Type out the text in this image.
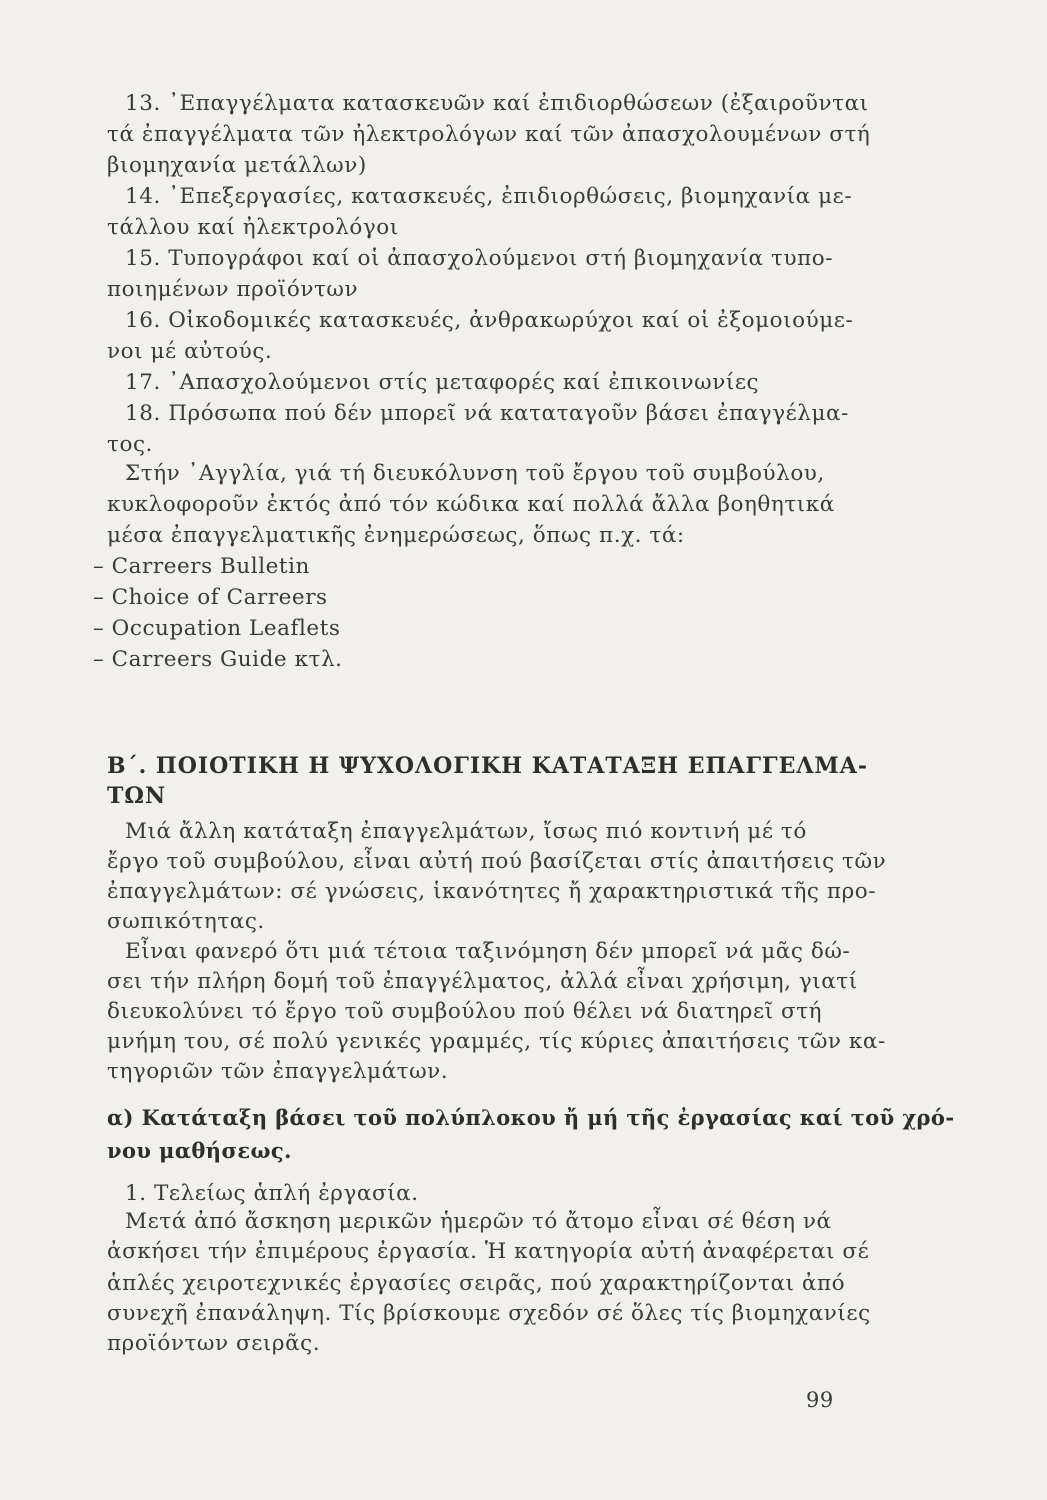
13. ᾽Επαγγέλματα κατασκευῶν καί ἐπιδιορθώσεων (ἐξαιροῦνται
τά ἐπαγγέλματα τῶν ἠλεκτρολόγων καί τῶν ἀπασχολουμένων στή
βιομηχανία μετάλλων)
14. ᾽Επεξεργασίες, κατασκευές, ἐπιδιορθώσεις, βιομηχανία με-
τάλλου καί ἠλεκτρολόγοι
15. Τυπογράφοι καί οἱ ἀπασχολούμενοι στή βιομηχανία τυπο-
ποιημένων προϊόντων
16. Οἰκοδομικές κατασκευές, ἀνθρακωρύχοι καί οἱ ἐξομοιούμε-
νοι μέ αὐτούς.
17. ᾽Απασχολούμενοι στίς μεταφορές καί ἐπικοινωνίες
18. Πρόσωπα πού δέν μπορεῖ νά καταταγοῦν βάσει ἐπαγγέλμα-
τος.
Στήν ᾽Αγγλία, γιά τή διευκόλυνση τοῦ ἔργου τοῦ συμβούλου,
κυκλοφοροῦν ἐκτός ἀπό τόν κώδικα καί πολλά ἄλλα βοηθητικά
μέσα ἐπαγγελματικῆς ἐνημερώσεως, ὅπως π.χ. τά:
– Carreers Bulletin
– Choice of Carreers
– Occupation Leaflets
– Carreers Guide κτλ.
Β΄. ΠΟΙΟΤΙΚΗ Η ΨΥΧΟΛΟΓΙΚΗ ΚΑΤΑΤΑΞΗ ΕΠΑΓΓΕΛΜΑ-
ΤΩΝ
Μιά ἄλλη κατάταξη ἐπαγγελμάτων, ἴσως πιό κοντινή μέ τό
ἔργο τοῦ συμβούλου, εἶναι αὐτή πού βασίζεται στίς ἀπαιτήσεις τῶν
ἐπαγγελμάτων: σέ γνώσεις, ἱκανότητες ἤ χαρακτηριστικά τῆς προ-
σωπικότητας.
Εἶναι φανερό ὅτι μιά τέτοια ταξινόμηση δέν μπορεῖ νά μᾶς δώ-
σει τήν πλήρη δομή τοῦ ἐπαγγέλματος, ἀλλά εἶναι χρήσιμη, γιατί
διευκολύνει τό ἔργο τοῦ συμβούλου πού θέλει νά διατηρεῖ στή
μνήμη του, σέ πολύ γενικές γραμμές, τίς κύριες ἀπαιτήσεις τῶν κα-
τηγοριῶν τῶν ἐπαγγελμάτων.
α) Κατάταξη βάσει τοῦ πολύπλοκου ἤ μή τῆς ἐργασίας καί τοῦ χρό-
νου μαθήσεως.
1. Τελείως ἁπλή ἐργασία.
Μετά ἀπό ἄσκηση μερικῶν ἡμερῶν τό ἄτομο εἶναι σέ θέση νά
ἀσκήσει τήν ἐπιμέρους ἐργασία. Ἡ κατηγορία αὐτή ἀναφέρεται σέ
ἁπλές χειροτεχνικές ἐργασίες σειρᾶς, πού χαρακτηρίζονται ἀπό
συνεχῆ ἐπανάληψη. Τίς βρίσκουμε σχεδόν σέ ὅλες τίς βιομηχανίες
προϊόντων σειρᾶς.
99
